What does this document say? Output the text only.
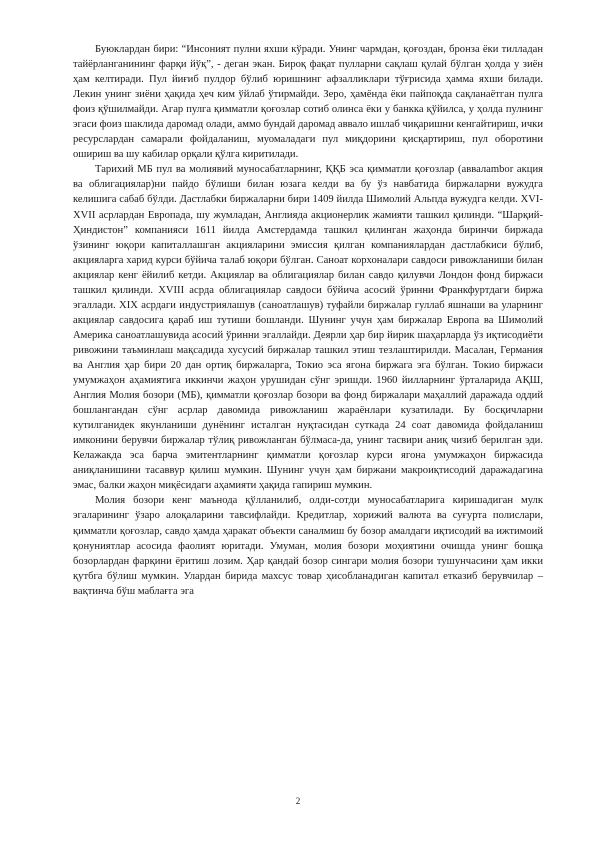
Буюклардан бири: “Инсоният пулни яхши кўради. Унинг чармдан, қоғоздан, бронза ёки тилладан тайёрланганининг фарқи йўқ”, - деган экан. Бироқ фақат пулларни сақлаш қулай бўлган ҳолда у зиён ҳам келтиради. Пул йиғиб пулдор бўлиб юришнинг афзалликлари тўғрисида ҳамма яхши билади. Лекин унинг зиёни ҳақида ҳеч ким ўйлаб ўтирмайди. Зеро, ҳамёнда ёки пайпоқда сақланаётган пулга фоиз қўшилмайди. Агар пулга қимматли қоғозлар сотиб олинса ёки у банкка қўйилса, у ҳолда пулнинг эгаси фоиз шаклида даромад олади, аммо бундай даромад аввало ишлаб чиқаришни кенгайтириш, ички ресурслардан самарали фойдаланиш, муомаладаги пул миқдорини қисқартириш, пул оборотини ошириш ва шу кабилар орқали қўлга киритилади.

Тарихий МБ пул ва молиявий муносабатларнинг, ҚҚБ эса қимматли қоғозлар (аввалambor акция ва облигациялар)ни пайдо бўлиши билан юзага келди ва бу ўз навбатида биржаларни вужудга келишига сабаб бўлди. Дастлабки биржаларни бири 1409 йилда Шимолий Альпда вужудга келди. XVI-XVII асрлардан Европада, шу жумладан, Англияда акционерлик жамияти ташкил қилинди. “Шарқий-Ҳиндистон” компанияси 1611 йилда Амстердамда ташкил қилинган жаҳонда биринчи биржада ўзининг юқори капиталлашган акцияларини эмиссия қилган компаниялардан дастлабкиси бўлиб, акцияларга харид курси бўйича талаб юқори бўлган. Саноат корхоналари савдоси ривожланиши билан акциялар кенг ёйилиб кетди. Акциялар ва облигациялар билан савдо қилувчи Лондон фонд биржаси ташкил қилинди. XVIII асрда облигациялар савдоси бўйича асосий ўринни Франкфуртдаги биржа эгаллади. XIX асрдаги индустриялашув (саноатлашув) туфайли биржалар гуллаб яшнаши ва уларнинг акциялар савдосига қараб иш тутиши бошланди. Шунинг учун ҳам биржалар Европа ва Шимолий Америка саноатлашувида асосий ўринни эгаллайди. Деярли ҳар бир йирик шаҳарларда ўз иқтисодиёти ривожини таъминлаш мақсадида хусусий биржалар ташкил этиш тезлаштирилди. Масалан, Германия ва Англия ҳар бири 20 дан ортиқ биржаларга, Токио эса ягона биржага эга бўлган. Токио биржаси умумжаҳон аҳамиятига иккинчи жаҳон урушидан сўнг эришди. 1960 йилларнинг ўрталарида АҚШ, Англия Молия бозори (МБ), қимматли қоғозлар бозори ва фонд биржалари маҳаллий даражада оддий бошлангандан сўнг асрлар давомида ривожланиш жараёнлари кузатилади. Бу босқичларни кутилганидек якунланиши дунёнинг исталган нуқтасидан суткада 24 соат давомида фойдаланиш имконини берувчи биржалар тўлиқ ривожланган бўлмаса-да, унинг тасвири аниқ чизиб берилган эди. Келажакда эса барча эмитентларнинг қимматли қоғозлар курси ягона умумжаҳон биржасида аниқланишини тасаввур қилиш мумкин. Шунинг учун ҳам биржани макроиқтисодий даражадагина эмас, балки жаҳон миқёсидаги аҳамияти ҳақида гапириш мумкин.

Молия бозори кенг маънода қўлланилиб, олди-сотди муносабатларига киришадиган мулк эгаларининг ўзаро алоқаларини тавсифлайди. Кредитлар, хорижий валюта ва суғурта полислари, қимматли қоғозлар, савдо ҳамда ҳаракат объекти саналмиш бу бозор амалдаги иқтисодий ва ижтимоий қонуниятлар асосида фаолият юритади. Умуман, молия бозори моҳиятини очишда унинг бошқа бозорлардан фарқини ёритиш лозим. Ҳар қандай бозор сингари молия бозори тушунчасини ҳам икки қутбга бўлиш мумкин. Улардан бирида махсус товар ҳисобланадиган капитал етказиб берувчилар – вақтинча бўш маблағга эга

2
